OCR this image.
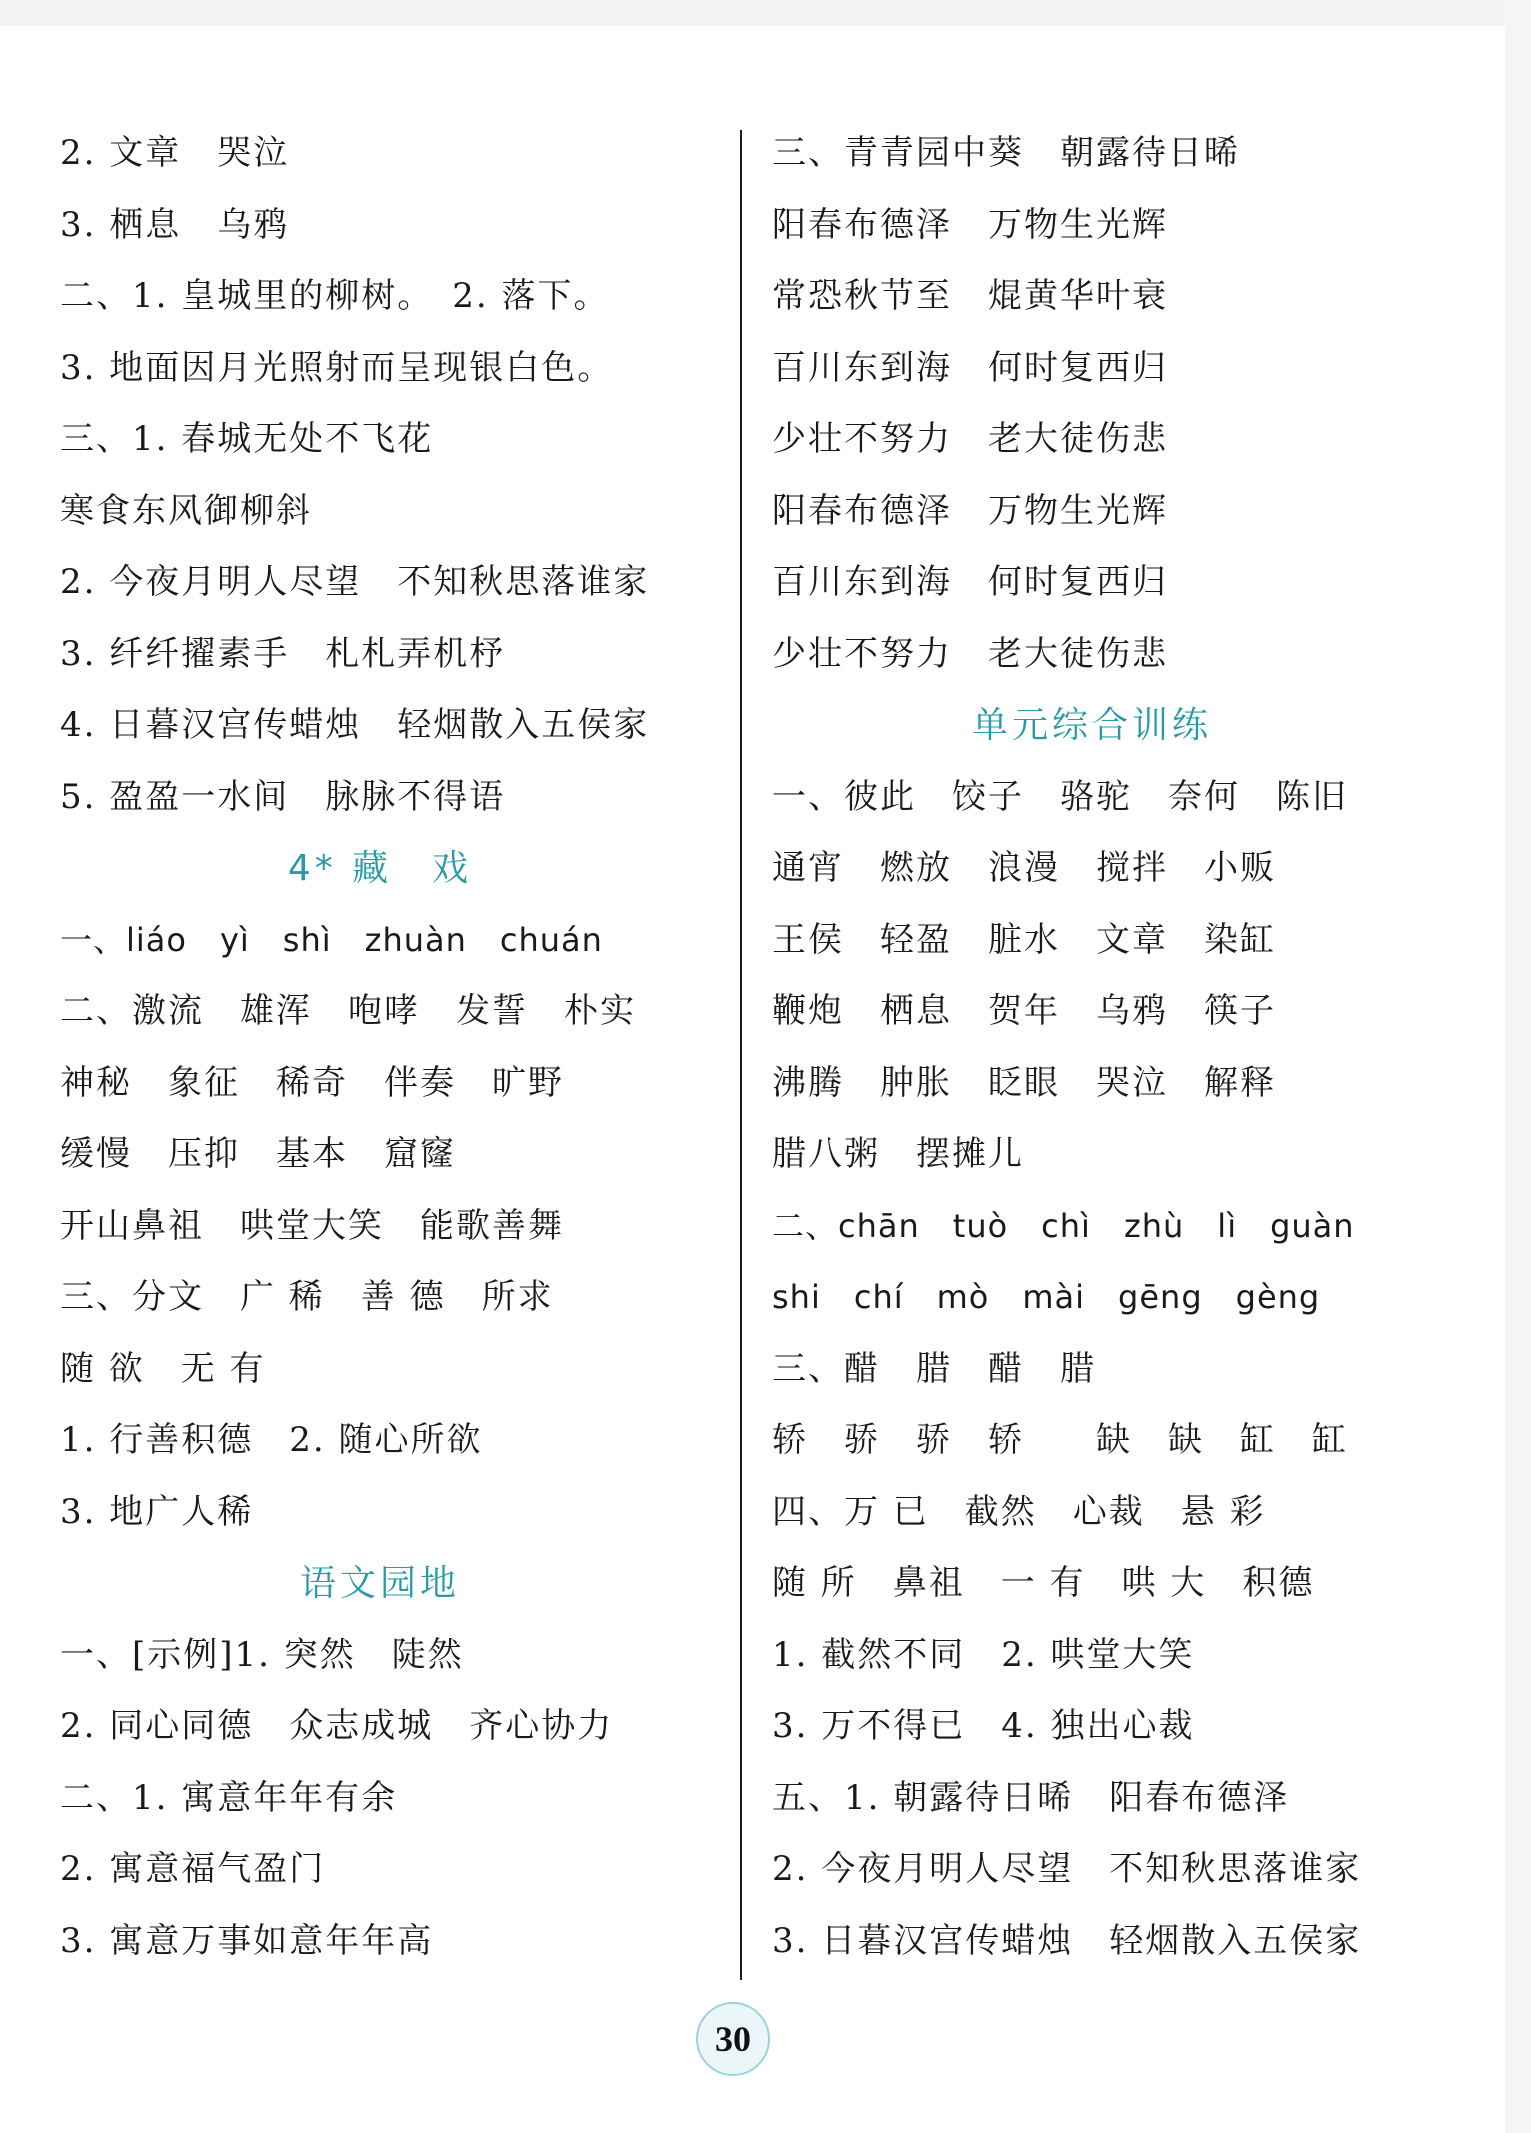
2. 文章　哭泣
3. 栖息　乌鸦
二、1. 皇城里的柳树。　2. 落下。
3. 地面因月光照射而呈现银白色。
三、1. 春城无处不飞花
寒食东风御柳斜
2. 今夜月明人尽望　不知秋思落谁家
3. 纤纤擢素手　札札弄机杼
4. 日暮汉宫传蜡烛　轻烟散入五侯家
5. 盈盈一水间　脉脉不得语
4* 藏　戏
一、liáo　yì　shì　zhuàn　chuán
二、激流　雄浑　咆哮　发誓　朴实
神秘　象征　稀奇　伴奏　旷野
缓慢　压抑　基本　窟窿
开山鼻祖　哄堂大笑　能歌善舞
三、分文　广 稀　善 德　所求
随 欲　无 有
1. 行善积德　2. 随心所欲
3. 地广人稀
语文园地
一、[示例]1. 突然　陡然
2. 同心同德　众志成城　齐心协力
二、1. 寓意年年有余
2. 寓意福气盈门
3. 寓意万事如意年年高
三、青青园中葵　朝露待日晞
阳春布德泽　万物生光辉
常恐秋节至　焜黄华叶衰
百川东到海　何时复西归
少壮不努力　老大徒伤悲
阳春布德泽　万物生光辉
百川东到海　何时复西归
少壮不努力　老大徒伤悲
单元综合训练
一、彼此　饺子　骆驼　奈何　陈旧
通宵　燃放　浪漫　搅拌　小贩
王侯　轻盈　脏水　文章　染缸
鞭炮　栖息　贺年　乌鸦　筷子
沸腾　肿胀　眨眼　哭泣　解释
腊八粥　摆摊儿
二、chān　tuò　chì　zhù　lì　guàn
shi　chí　mò　mài　gēng　gèng
三、醋　腊　醋　腊
轿　骄　骄　轿　　缺　缺　缸　缸
四、万 已　截然　心裁　悬 彩
随 所　鼻祖　一 有　哄 大　积德
1. 截然不同　2. 哄堂大笑
3. 万不得已　4. 独出心裁
五、1. 朝露待日晞　阳春布德泽
2. 今夜月明人尽望　不知秋思落谁家
3. 日暮汉宫传蜡烛　轻烟散入五侯家
30
